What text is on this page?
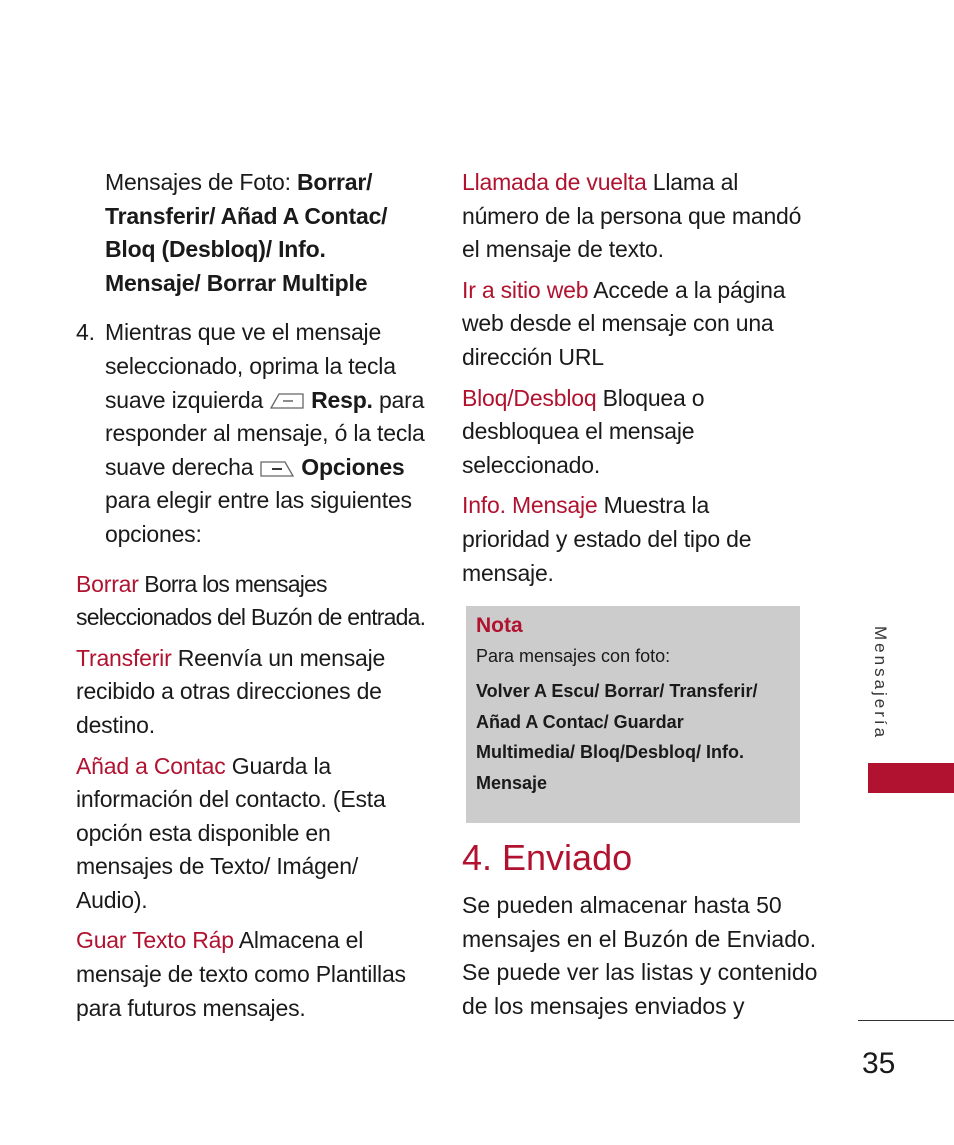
Mensajes de Foto: Borrar/

Transferir/ Añad A Contac/

Bloq (Desbloq)/ Info.

Mensaje/ Borrar Multiple

4. Mientras que ve el mensaje

seleccionado, oprima la tecla

suave izquierda Resp. para

responder al mensaje, ó la tecla

suave derecha Opciones

para elegir entre las siguientes

opciones:

Borrar Borra los mensajes

seleccionados del Buzón de entrada.

Transferir Reenvía un mensaje

recibido a otras direcciones de

destino.

Añad a Contac Guarda la

información del contacto. (Esta

opción esta disponible en

mensajes de Texto/ Imágen/

Audio).

Guar Texto Ráp Almacena el

mensaje de texto como Plantillas

para futuros mensajes.

Llamada de vuelta Llama al

número de la persona que mandó

el mensaje de texto.

Ir a sitio web Accede a la página

web desde el mensaje con una

dirección URL

Bloq/Desbloq Bloquea o

desbloquea el mensaje

seleccionado.

Info. Mensaje Muestra la

prioridad y estado del tipo de

mensaje.

Nota
Para mensajes con foto:
Volver A Escu/ Borrar/ Transferir/
Añad A Contac/ Guardar
Multimedia/ Bloq/Desbloq/ Info.
Mensaje
4. Enviado

Se pueden almacenar hasta 50

mensajes en el Buzón de Enviado.

Se puede ver las listas y contenido

de los mensajes enviados y

Mensajería
35
